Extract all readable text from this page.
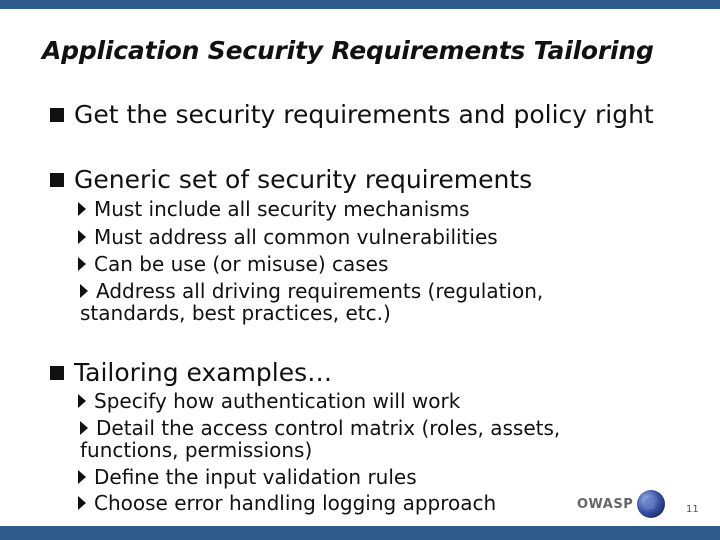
Application Security Requirements Tailoring
Get the security requirements and policy right
Generic set of security requirements
Must include all security mechanisms
Must address all common vulnerabilities
Can be use (or misuse) cases
Address all driving requirements (regulation, standards, best practices, etc.)
Tailoring examples…
Specify how authentication will work
Detail the access control matrix (roles, assets, functions, permissions)
Define the input validation rules
Choose error handling logging approach	OWASP	11
